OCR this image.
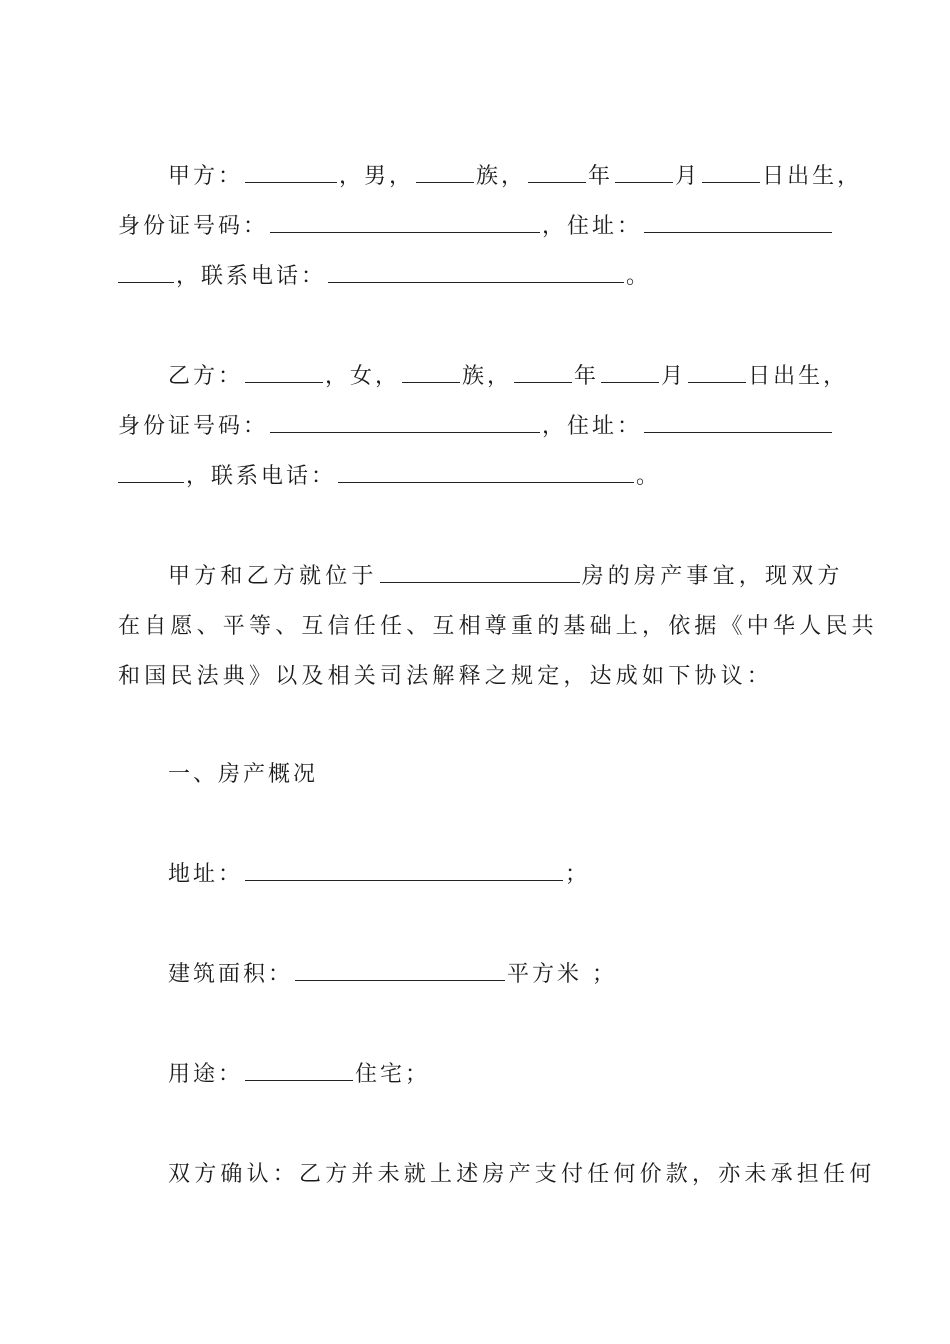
甲方：	，男，	族，	年	月	日出生，
身份证号码：	，住址：
，联系电话：	。
乙方：	，女，	族，	年	月	日出生，
身份证号码：	，住址：
，联系电话：	。
甲方和乙方就位于	房的房产事宜，现双方
在自愿、平等、互信任任、互相尊重的基础上，依据《中华人民共
和国民法典》以及相关司法解释之规定，达成如下协议：
一、房产概况
地址：	；
建筑面积：	平方米 ；
用途：	住宅；
双方确认：乙方并未就上述房产支付任何价款，亦未承担任何
